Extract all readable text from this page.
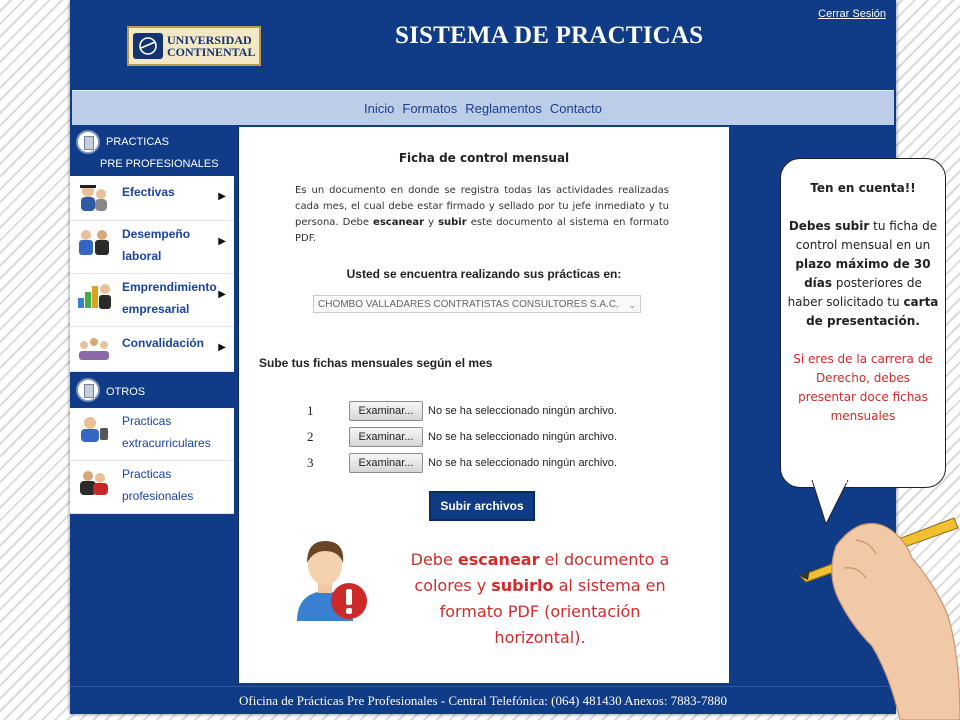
UNIVERSIDAD
CONTINENTAL
SISTEMA DE PRACTICAS
Cerrar Sesión
Inicio Formatos Reglamentos Contacto
PRACTICAS
PRE PROFESIONALES
Efectivas	▶
Desempeño laboral
▶
Emprendimiento empresarial
▶
Convalidación ▶
OTROS
Practicas extracurriculares
Practicas profesionales
Ficha de control mensual
Es un documento en donde se registra todas las actividades realizadas cada mes, el cual debe estar firmado y sellado por tu jefe inmediato y tu persona. Debe escanear y subir este documento al sistema en formato PDF.
Usted se encuentra realizando sus prácticas en:
CHOMBO VALLADARES CONTRATISTAS CONSULTORES S.A.C. ⌄
Sube tus fichas mensuales según el mes
1	Examinar...	No se ha seleccionado ningún archivo.
2	Examinar...	No se ha seleccionado ningún archivo.
3	Examinar...	No se ha seleccionado ningún archivo.
Subir archivos
Debe escanear el documento a colores y subirlo al sistema en formato PDF (orientación horizontal).
Oficina de Prácticas Pre Profesionales - Central Telefónica: (064) 481430 Anexos: 7883-7880
Ten en cuenta!!
Debes subir tu ficha de control mensual en un plazo máximo de 30 días posteriores de haber solicitado tu carta de presentación.
Si eres de la carrera de Derecho, debes presentar doce fichas mensuales
